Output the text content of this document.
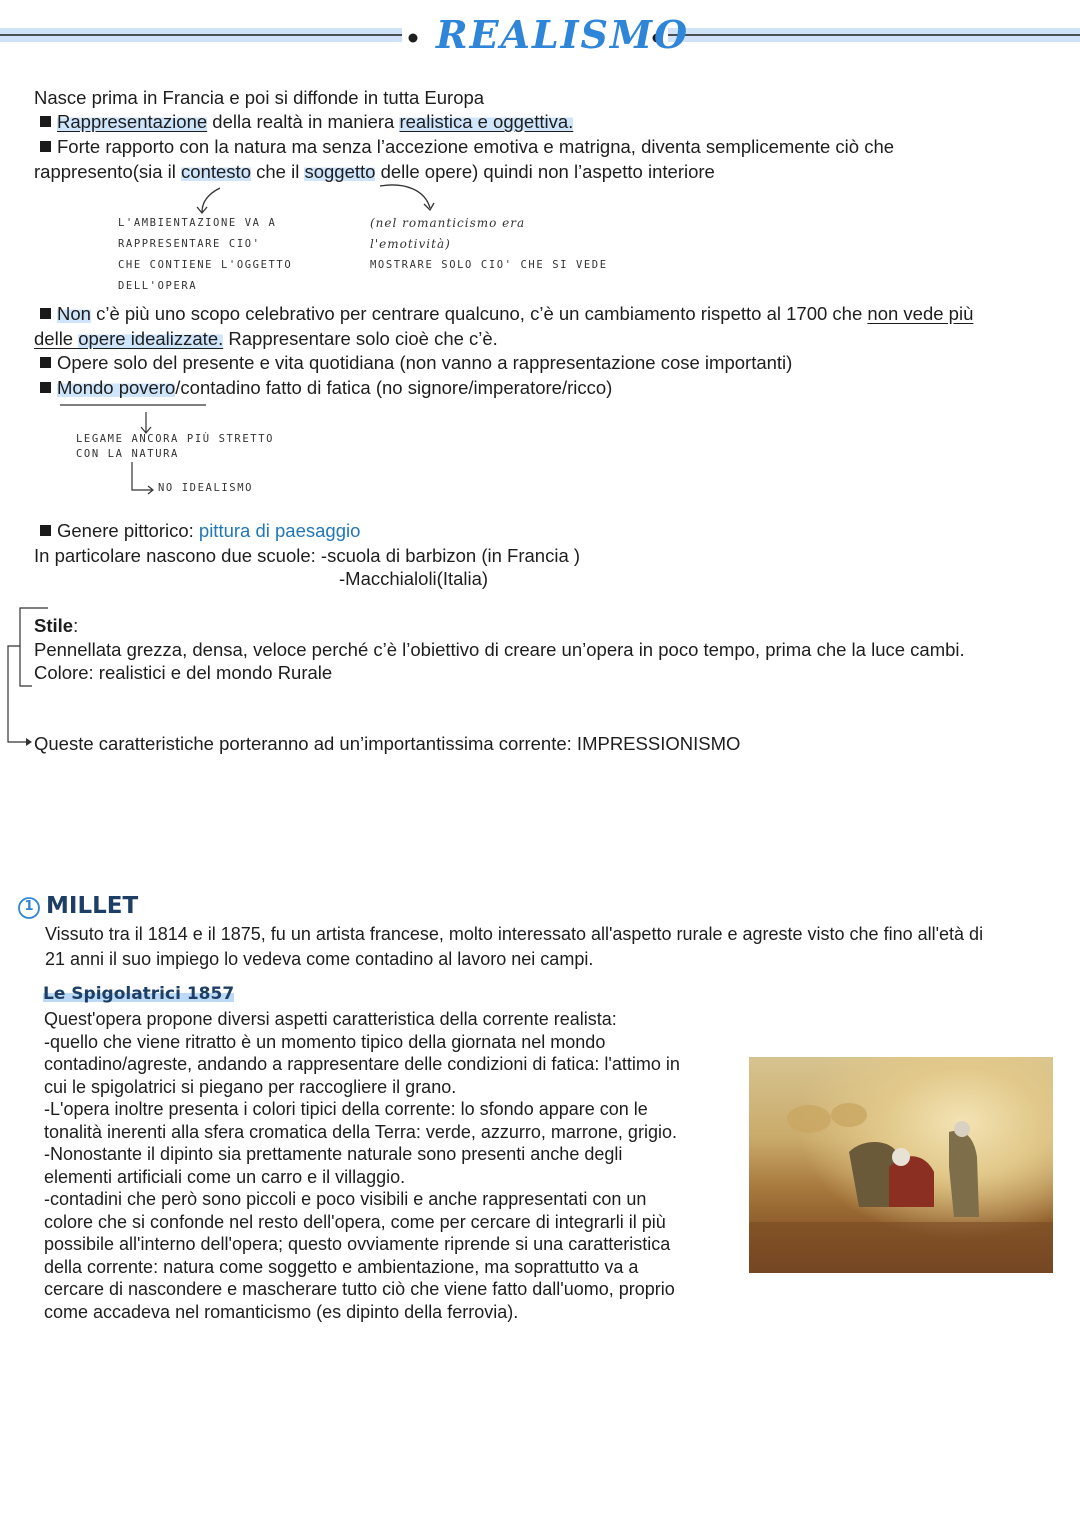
REALISMO
Nasce prima in Francia e poi si diffonde in tutta Europa
Rappresentazione della realtà in maniera realistica e oggettiva.
Forte rapporto con la natura ma senza l’accezione emotiva e matrigna, diventa semplicemente ciò che
rappresento(sia il contesto che il soggetto delle opere) quindi non l’aspetto interiore
L'AMBIENTAZIONE VA A
RAPPRESENTARE CIO'
CHE CONTIENE L'OGGETTO
DELL'OPERA
(nel romanticismo era
l'emotività)
MOSTRARE SOLO CIO' CHE SI VEDE
Non c’è più uno scopo celebrativo per centrare qualcuno, c’è un cambiamento rispetto al 1700 che non vede più
delle opere idealizzate. Rappresentare solo cioè che c’è.
Opere solo del presente e vita quotidiana (non vanno a rappresentazione cose importanti)
Mondo povero/contadino fatto di fatica (no signore/imperatore/ricco)
LEGAME ANCORA PIÙ STRETTO
CON LA NATURA
NO IDEALISMO
Genere pittorico: pittura di paesaggio
In particolare nascono due scuole: -scuola di barbizon (in Francia )
-Macchialoli(Italia)
Stile:
Pennellata grezza, densa, veloce perché c’è l’obiettivo di creare un’opera in poco tempo, prima che la luce cambi.
Colore: realistici e del mondo Rurale
Queste caratteristiche porteranno ad un’importantissima corrente: IMPRESSIONISMO
1 MILLET
Vissuto tra il 1814 e il 1875, fu un artista francese, molto interessato all'aspetto rurale e agreste visto che fino all'età di
21 anni il suo impiego lo vedeva come contadino al lavoro nei campi.
Le Spigolatrici 1857
Quest'opera propone diversi aspetti caratteristica della corrente realista:
-quello che viene ritratto è un momento tipico della giornata nel mondo
contadino/agreste, andando a rappresentare delle condizioni di fatica: l'attimo in
cui le spigolatrici si piegano per raccogliere il grano.
-L'opera inoltre presenta i colori tipici della corrente: lo sfondo appare con le
tonalità inerenti alla sfera cromatica della Terra: verde, azzurro, marrone, grigio.
-Nonostante il dipinto sia prettamente naturale sono presenti anche degli
elementi artificiali come un carro e il villaggio.
-contadini che però sono piccoli e poco visibili e anche rappresentati con un
colore che si confonde nel resto dell'opera, come per cercare di integrarli il più
possibile all'interno dell'opera; questo ovviamente riprende si una caratteristica
della corrente: natura come soggetto e ambientazione, ma soprattutto va a
cercare di nascondere e mascherare tutto ciò che viene fatto dall'uomo, proprio
come accadeva nel romanticismo (es dipinto della ferrovia).
